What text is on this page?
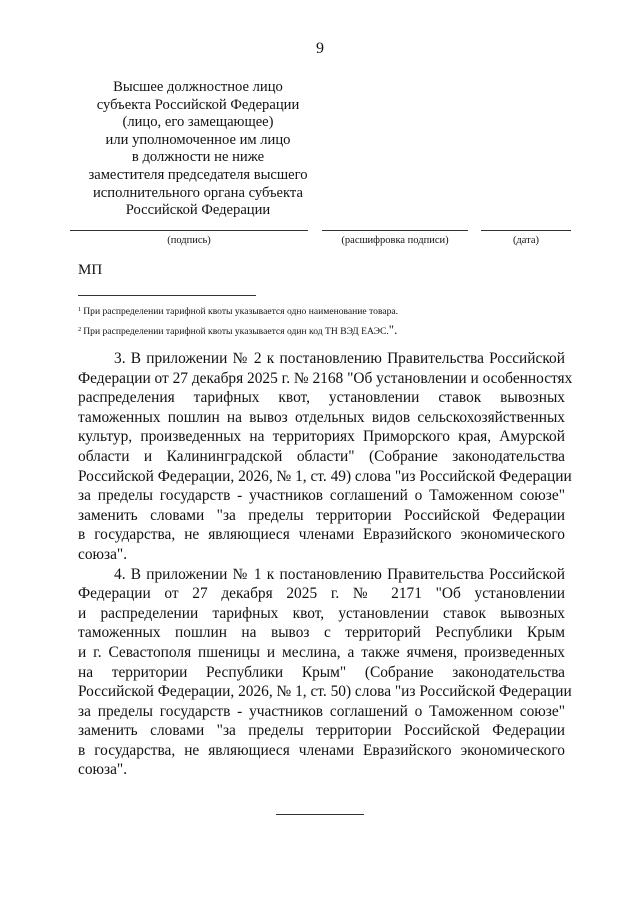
9
Высшее должностное лицо
субъекта Российской Федерации
(лицо, его замещающее)
или уполномоченное им лицо
в должности не ниже
заместителя председателя высшего
исполнительного органа субъекта
Российской Федерации
(подпись)	(расшифровка подписи)	(дата)
МП
$^1$ При распределении тарифной квоты указывается одно наименование товара.
$^2$ При распределении тарифной квоты указывается один код ТН ВЭД ЕАЭС.".
3. В приложении № 2 к постановлению Правительства Российской
Федерации от 27 декабря 2025 г. № 2168 "Об установлении и особенностях
распределения тарифных квот, установлении ставок вывозных
таможенных пошлин на вывоз отдельных видов сельскохозяйственных
культур, произведенных на территориях Приморского края, Амурской
области и Калининградской области" (Собрание законодательства
Российской Федерации, 2026, № 1, ст. 49) слова "из Российской Федерации
за пределы государств - участников соглашений о Таможенном союзе"
заменить словами "за пределы территории Российской Федерации
в государства, не являющиеся членами Евразийского экономического
союза".
4. В приложении № 1 к постановлению Правительства Российской
Федерации от 27 декабря 2025 г. № 2171 "Об установлении
и распределении тарифных квот, установлении ставок вывозных
таможенных пошлин на вывоз с территорий Республики Крым
и г. Севастополя пшеницы и меслина, а также ячменя, произведенных
на территории Республики Крым" (Собрание законодательства
Российской Федерации, 2026, № 1, ст. 50) слова "из Российской Федерации
за пределы государств - участников соглашений о Таможенном союзе"
заменить словами "за пределы территории Российской Федерации
в государства, не являющиеся членами Евразийского экономического
союза".
